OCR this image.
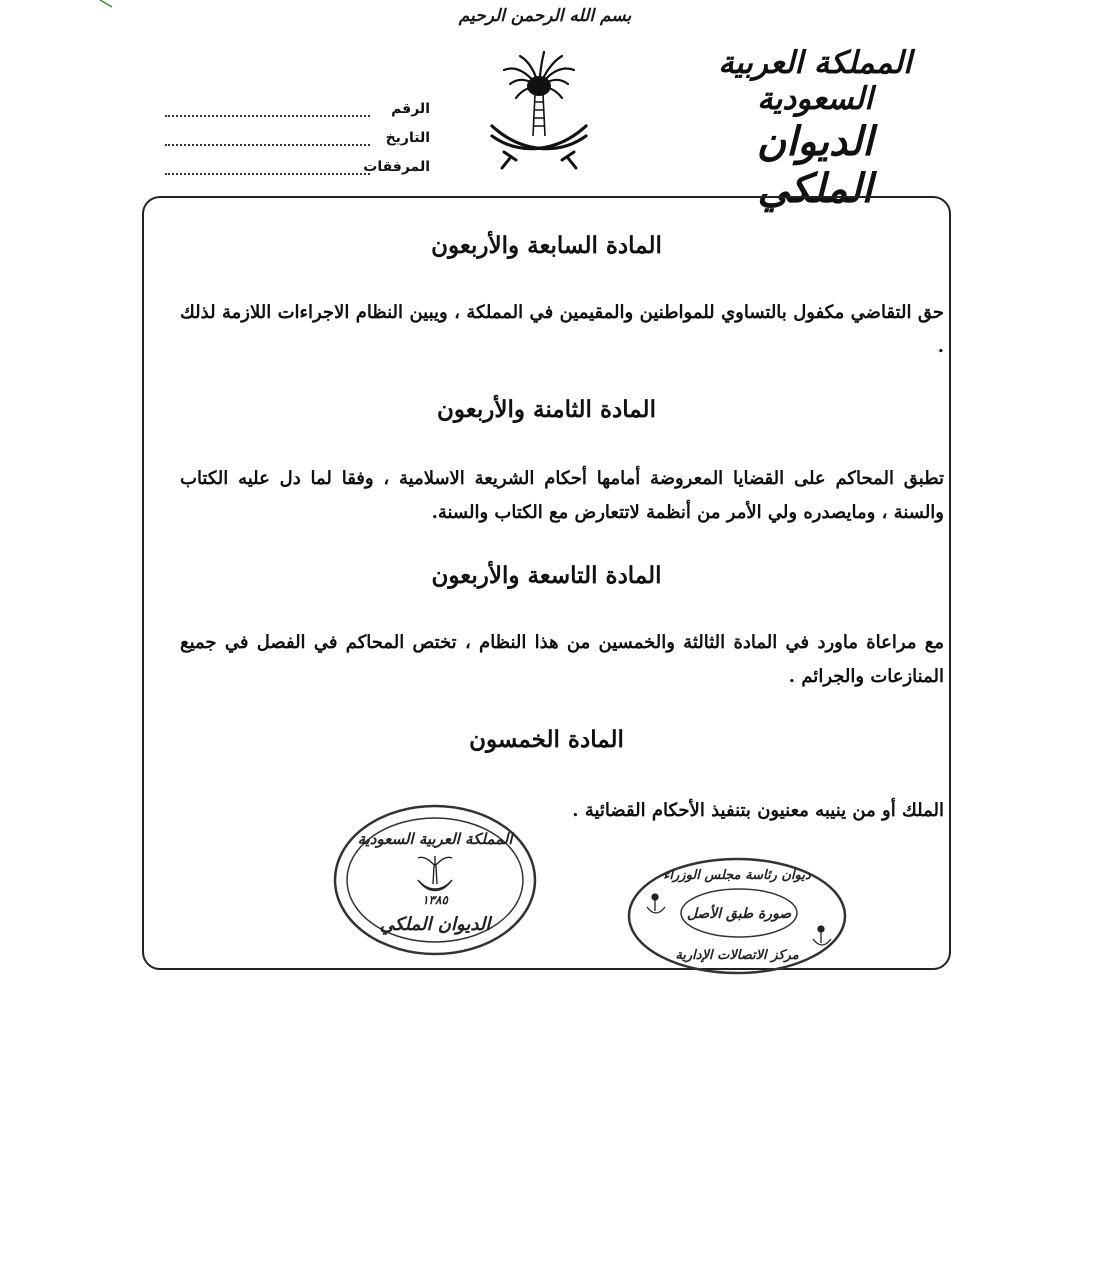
بسم الله الرحمن الرحيم
المملكة العربية السعودية
الديوان الملكي
الرقم
التاريخ
المرفقات
المادة السابعة والأربعون
حق التقاضي مكفول بالتساوي للمواطنين والمقيمين في المملكة ، ويبين النظام الاجراءات اللازمة لذلك .
المادة الثامنة والأربعون
تطبق المحاكم على القضايا المعروضة أمامها أحكام الشريعة الاسلامية ، وفقا لما دل عليه الكتاب والسنة ، ومايصدره ولي الأمر من أنظمة لاتتعارض مع الكتاب والسنة.
المادة التاسعة والأربعون
مع مراعاة ماورد في المادة الثالثة والخمسين من هذا النظام ، تختص المحاكم في الفصل في جميع المنازعات والجرائم .
المادة الخمسون
الملك أو من ينيبه معنيون بتنفيذ الأحكام القضائية .
المملكة العربية السعودية
١٣٨٥
الديوان الملكي
ديوان رئاسة مجلس الوزراء
صورة طبق الأصل
مركز الاتصالات الإدارية
